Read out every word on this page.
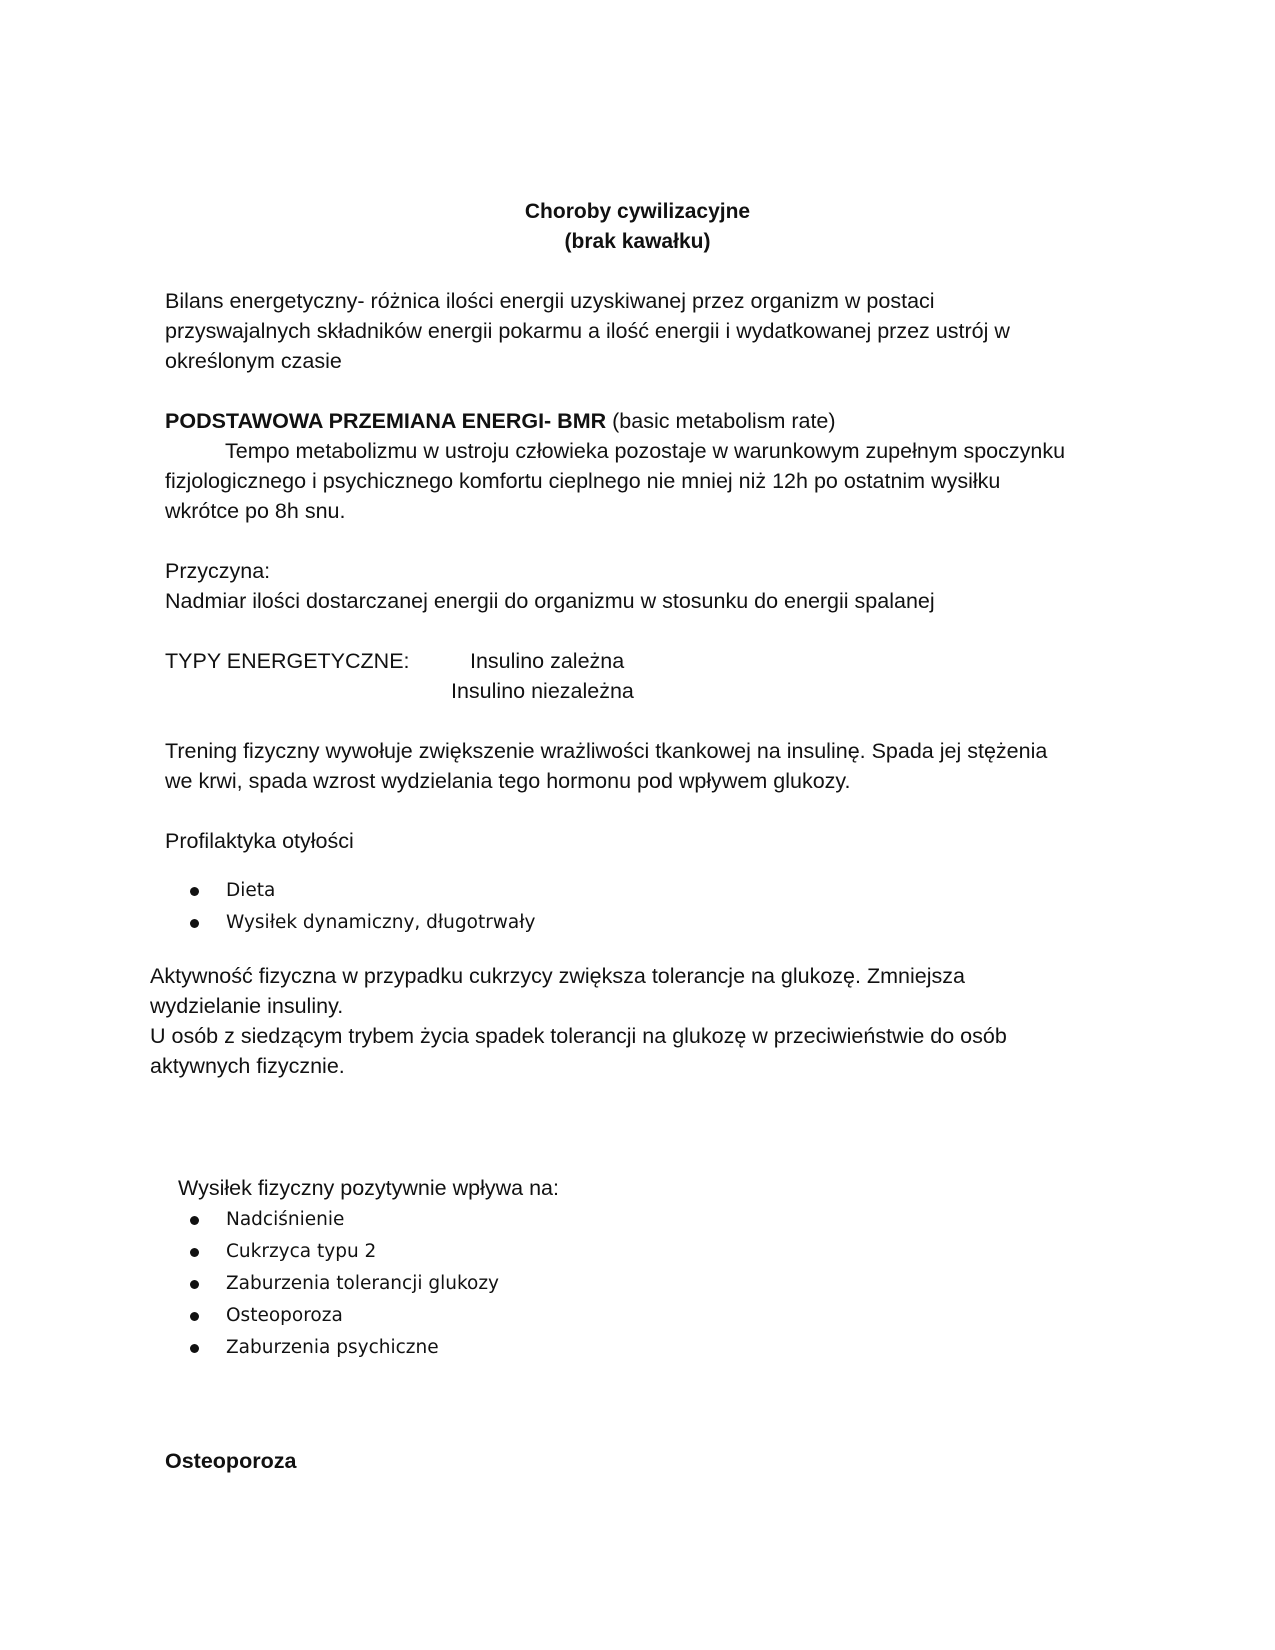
Choroby cywilizacyjne
(brak kawałku)
Bilans energetyczny- różnica ilości energii uzyskiwanej przez organizm w postaci
przyswajalnych składników energii pokarmu a ilość energii i wydatkowanej przez ustrój w
określonym czasie
PODSTAWOWA PRZEMIANA ENERGI- BMR (basic metabolism rate)
Tempo metabolizmu w ustroju człowieka pozostaje w warunkowym zupełnym spoczynku
fizjologicznego i psychicznego komfortu cieplnego nie mniej niż 12h po ostatnim wysiłku
wkrótce po 8h snu.
Przyczyna:
Nadmiar ilości dostarczanej energii do organizmu w stosunku do energii spalanej
TYPY ENERGETYCZNE:	Insulino zależna
Insulino niezależna
Trening fizyczny wywołuje zwiększenie wrażliwości tkankowej na insulinę. Spada jej stężenia
we krwi, spada wzrost wydzielania tego hormonu pod wpływem glukozy.
Profilaktyka otyłości
Dieta
Wysiłek dynamiczny, długotrwały
Aktywność fizyczna w przypadku cukrzycy zwiększa tolerancje na glukozę. Zmniejsza
wydzielanie insuliny.
U osób z siedzącym trybem życia spadek tolerancji na glukozę w przeciwieństwie do osób
aktywnych fizycznie.
Wysiłek fizyczny pozytywnie wpływa na:
Nadciśnienie
Cukrzyca typu 2
Zaburzenia tolerancji glukozy
Osteoporoza
Zaburzenia psychiczne
Osteoporoza
